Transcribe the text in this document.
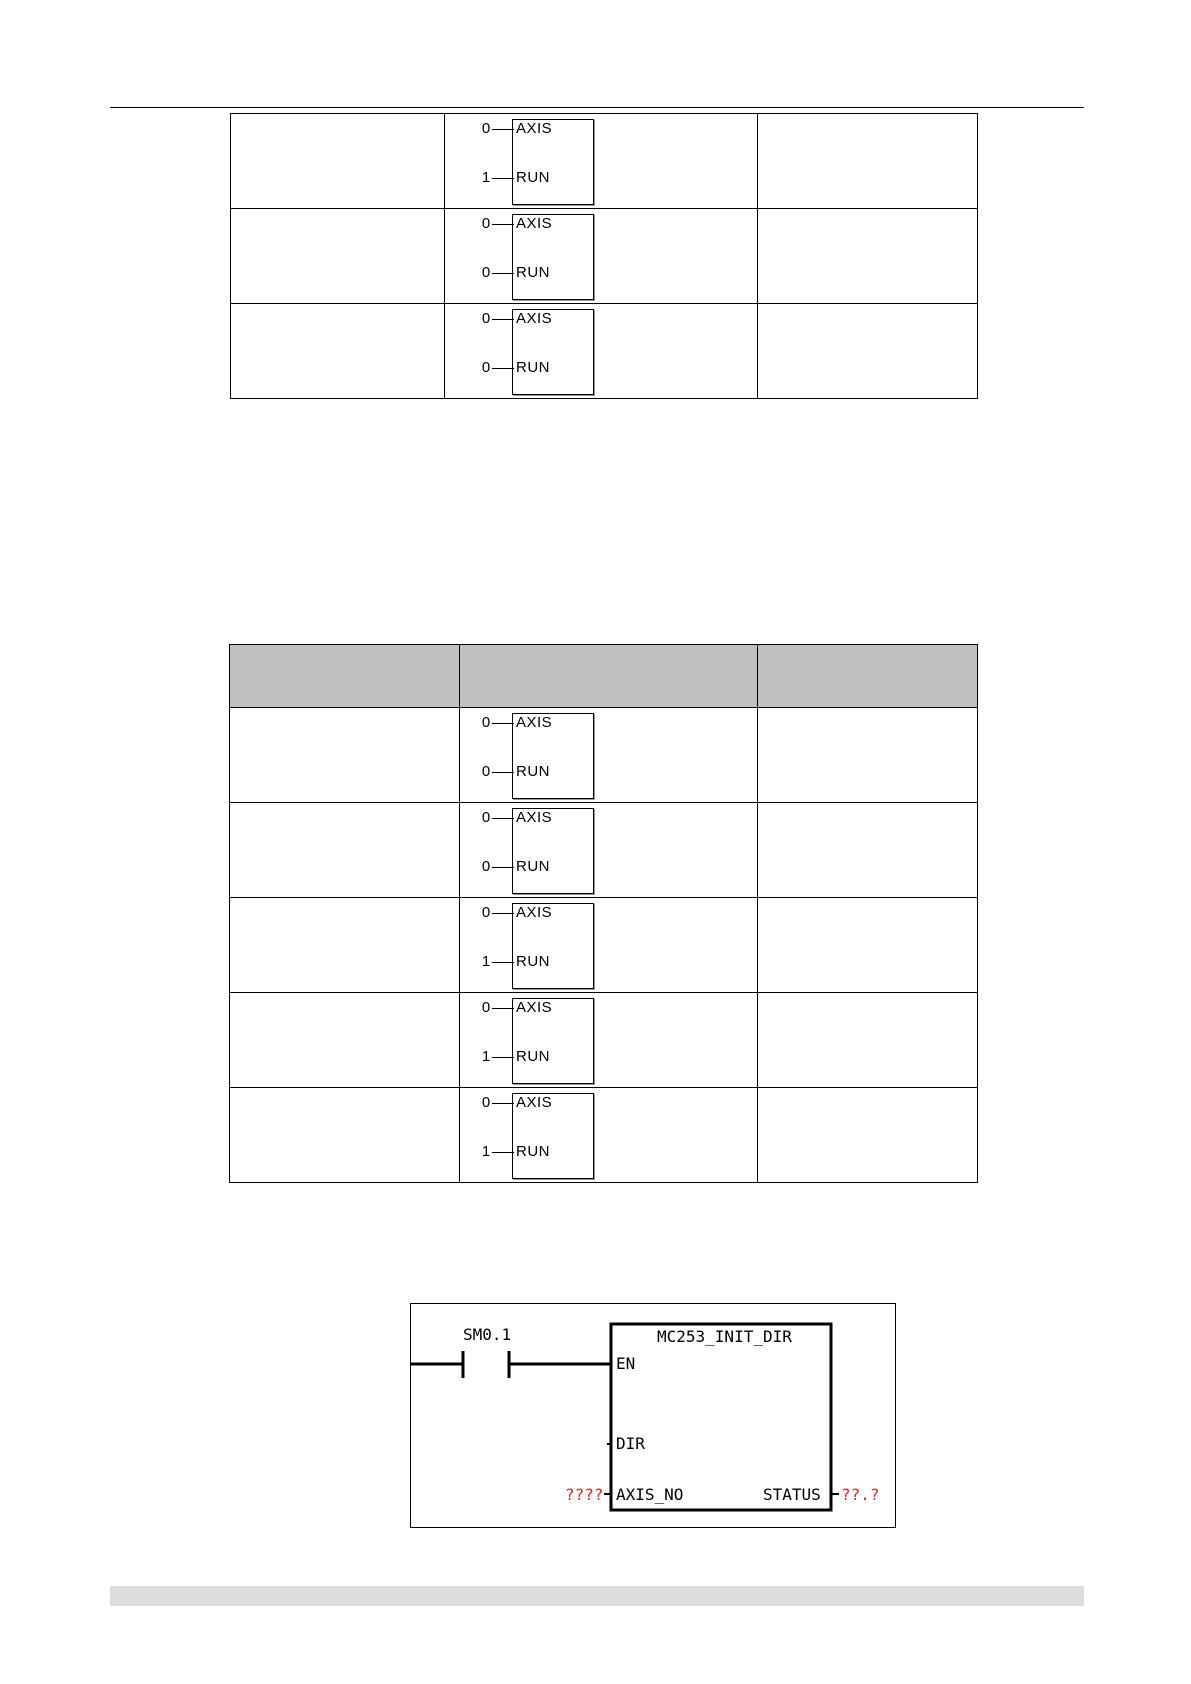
	0 AXIS
1 RUN	

	0 AXIS
0 RUN	

	0 AXIS
0 RUN	

	0 AXIS
0 RUN	

	0 AXIS
0 RUN	

	0 AXIS
1 RUN	

	0 AXIS
1 RUN	

	0 AXIS
1 RUN	

SM0.1	MC253_INIT_DIR
EN
DIR
AXIS_NO	STATUS
????	??.?
